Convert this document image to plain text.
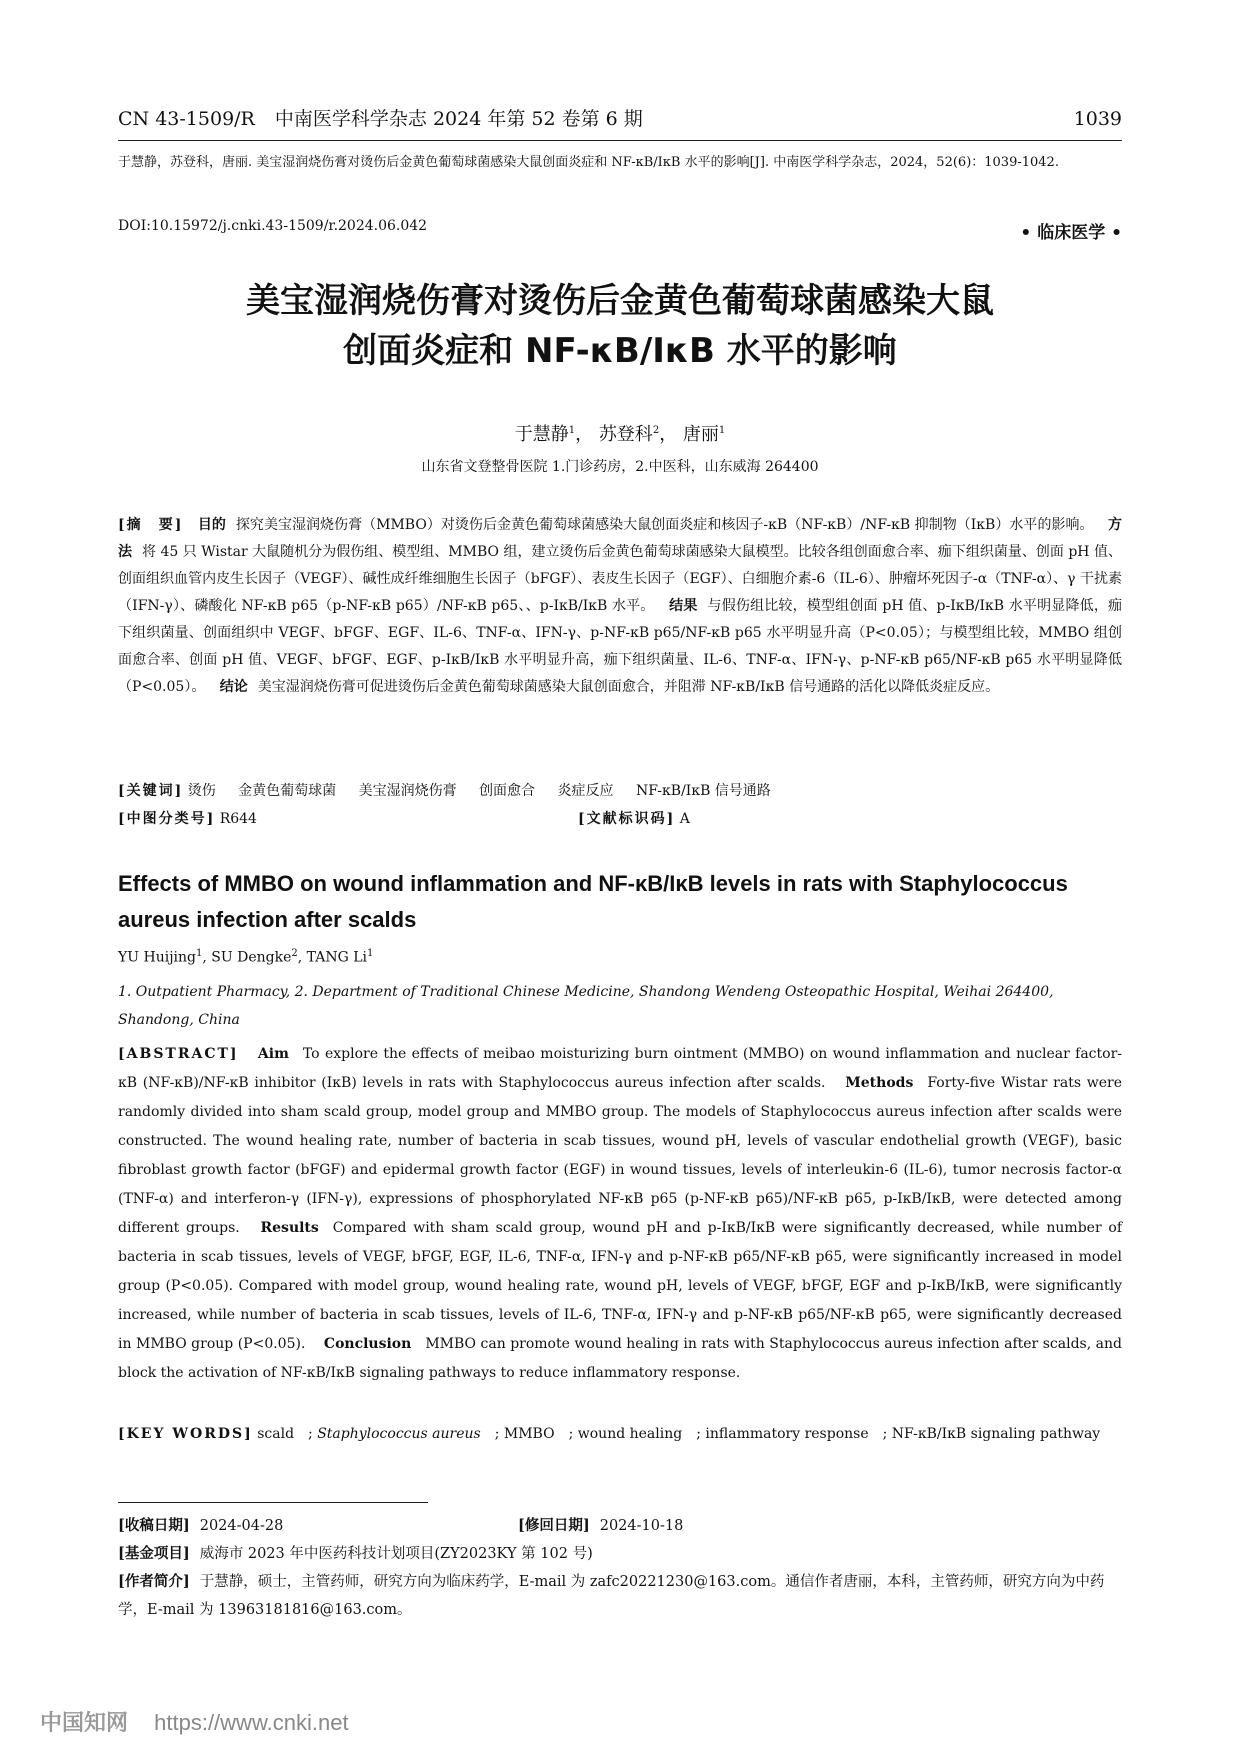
CN 43-1509/R 中南医学科学杂志 2024 年第 52 卷第 6 期	1039
于慧静，苏登科，唐丽. 美宝湿润烧伤膏对烫伤后金黄色葡萄球菌感染大鼠创面炎症和 NF-κB/IκB 水平的影响[J]. 中南医学科学杂志，2024，52(6)：1039-1042.
DOI:10.15972/j.cnki.43-1509/r.2024.06.042	• 临床医学 •
美宝湿润烧伤膏对烫伤后金黄色葡萄球菌感染大鼠
创面炎症和 NF-κB/IκB 水平的影响
于慧静$^1$， 苏登科$^2$， 唐丽$^1$
山东省文登整骨医院 1.门诊药房，2.中医科，山东威海 264400
[摘　要] 目的 探究美宝湿润烧伤膏（MMBO）对烫伤后金黄色葡萄球菌感染大鼠创面炎症和核因子-κB（NF-κB）/NF-κB 抑制物（IκB）水平的影响。 方法 将 45 只 Wistar 大鼠随机分为假伤组、模型组、MMBO 组，建立烫伤后金黄色葡萄球菌感染大鼠模型。比较各组创面愈合率、痂下组织菌量、创面 pH 值、创面组织血管内皮生长因子（VEGF）、碱性成纤维细胞生长因子（bFGF）、表皮生长因子（EGF）、白细胞介素-6（IL-6）、肿瘤坏死因子-α（TNF-α）、γ 干扰素（IFN-γ）、磷酸化 NF-κB p65（p-NF-κB p65）/NF-κB p65、、p-IκB/IκB 水平。 结果 与假伤组比较，模型组创面 pH 值、p-IκB/IκB 水平明显降低，痂下组织菌量、创面组织中 VEGF、bFGF、EGF、IL-6、TNF-α、IFN-γ、p-NF-κB p65/NF-κB p65 水平明显升高（P<0.05）；与模型组比较，MMBO 组创面愈合率、创面 pH 值、VEGF、bFGF、EGF、p-IκB/IκB 水平明显升高，痂下组织菌量、IL-6、TNF-α、IFN-γ、p-NF-κB p65/NF-κB p65 水平明显降低（P<0.05）。 结论 美宝湿润烧伤膏可促进烫伤后金黄色葡萄球菌感染大鼠创面愈合，并阻滞 NF-κB/IκB 信号通路的活化以降低炎症反应。
[关键词] 烫伤 金黄色葡萄球菌 美宝湿润烧伤膏 创面愈合 炎症反应 NF-κB/IκB 信号通路
[中图分类号] R644	[文献标识码] A
Effects of MMBO on wound inflammation and NF-κB/IκB levels in rats with Staphylococcus aureus infection after scalds
YU Huijing$^1$, SU Dengke$^2$, TANG Li$^1$
1. Outpatient Pharmacy, 2. Department of Traditional Chinese Medicine, Shandong Wendeng Osteopathic Hospital, Weihai 264400, Shandong, China
[ABSTRACT] Aim To explore the effects of meibao moisturizing burn ointment (MMBO) on wound inflammation and nuclear factor-κB (NF-κB)/NF-κB inhibitor (IκB) levels in rats with Staphylococcus aureus infection after scalds. Methods Forty-five Wistar rats were randomly divided into sham scald group, model group and MMBO group. The models of Staphylococcus aureus infection after scalds were constructed. The wound healing rate, number of bacteria in scab tissues, wound pH, levels of vascular endothelial growth (VEGF), basic fibroblast growth factor (bFGF) and epidermal growth factor (EGF) in wound tissues, levels of interleukin-6 (IL-6), tumor necrosis factor-α (TNF-α) and interferon-γ (IFN-γ), expressions of phosphorylated NF-κB p65 (p-NF-κB p65)/NF-κB p65, p-IκB/IκB, were detected among different groups. Results Compared with sham scald group, wound pH and p-IκB/IκB were significantly decreased, while number of bacteria in scab tissues, levels of VEGF, bFGF, EGF, IL-6, TNF-α, IFN-γ and p-NF-κB p65/NF-κB p65, were significantly increased in model group (P<0.05). Compared with model group, wound healing rate, wound pH, levels of VEGF, bFGF, EGF and p-IκB/IκB, were significantly increased, while number of bacteria in scab tissues, levels of IL-6, TNF-α, IFN-γ and p-NF-κB p65/NF-κB p65, were significantly decreased in MMBO group (P<0.05). Conclusion MMBO can promote wound healing in rats with Staphylococcus aureus infection after scalds, and block the activation of NF-κB/IκB signaling pathways to reduce inflammatory response.
[KEY WORDS] scald ; Staphylococcus aureus ; MMBO ; wound healing ; inflammatory response ; NF-κB/IκB signaling pathway
[收稿日期] 2024-04-28	[修回日期] 2024-10-18
[基金项目] 威海市 2023 年中医药科技计划项目(ZY2023KY 第 102 号)
[作者简介] 于慧静，硕士，主管药师，研究方向为临床药学，E-mail 为 zafc20221230@163.com。通信作者唐丽，本科，主管药师，研究方向为中药学，E-mail 为 13963181816@163.com。
中国知网 https://www.cnki.net
